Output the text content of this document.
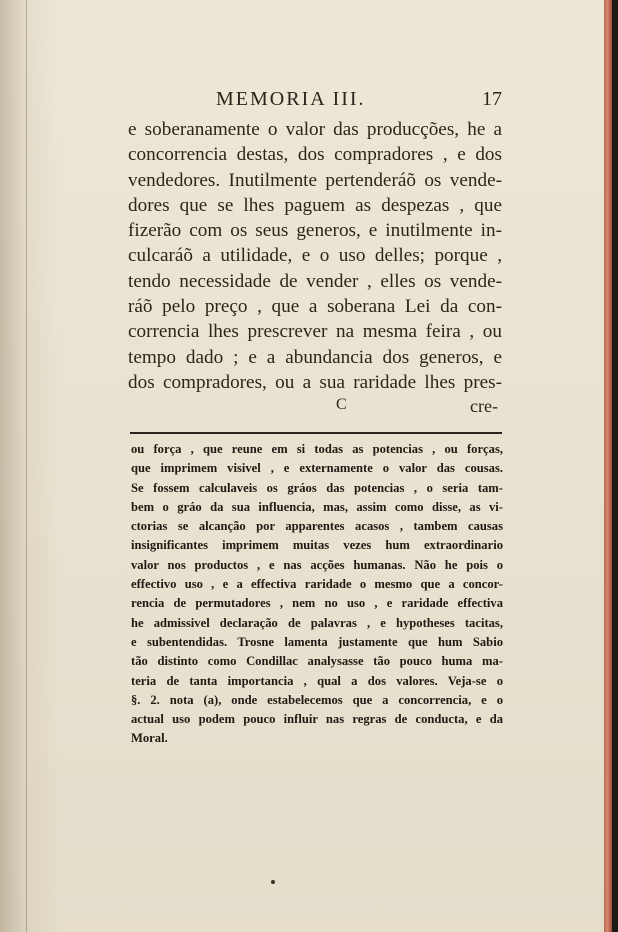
MEMORIA III.	17
e soberanamente o valor das producções, he a
concorrencia destas, dos compradores , e dos
vendedores. Inutilmente pertenderáõ os vende-
dores que se lhes paguem as despezas , que
fizerão com os seus generos, e inutilmente in-
culcaráõ a utilidade, e o uso delles; porque ,
tendo necessidade de vender , elles os vende-
ráõ pelo preço , que a soberana Lei da con-
correncia lhes prescrever na mesma feira , ou
tempo dado ; e a abundancia dos generos, e
dos compradores, ou a sua raridade lhes pres-
C	cre-
ou força , que reune em si todas as potencias , ou forças,
que imprimem visivel , e externamente o valor das cousas.
Se fossem calculaveis os gráos das potencias , o seria tam-
bem o gráo da sua influencia, mas, assim como disse, as vi-
ctorias se alcanção por apparentes acasos , tambem causas
insignificantes imprimem muitas vezes hum extraordinario
valor nos productos , e nas acções humanas. Não he pois o
effectivo uso , e a effectiva raridade o mesmo que a concor-
rencia de permutadores , nem no uso , e raridade effectiva
he admissivel declaração de palavras , e hypotheses tacitas,
e subentendidas. Trosne lamenta justamente que hum Sabio
tão distinto como Condillac analysasse tão pouco huma ma-
teria de tanta importancia , qual a dos valores. Veja-se o
§. 2. nota (a), onde estabelecemos que a concorrencia, e o
actual uso podem pouco influir nas regras de conducta, e da
Moral.
